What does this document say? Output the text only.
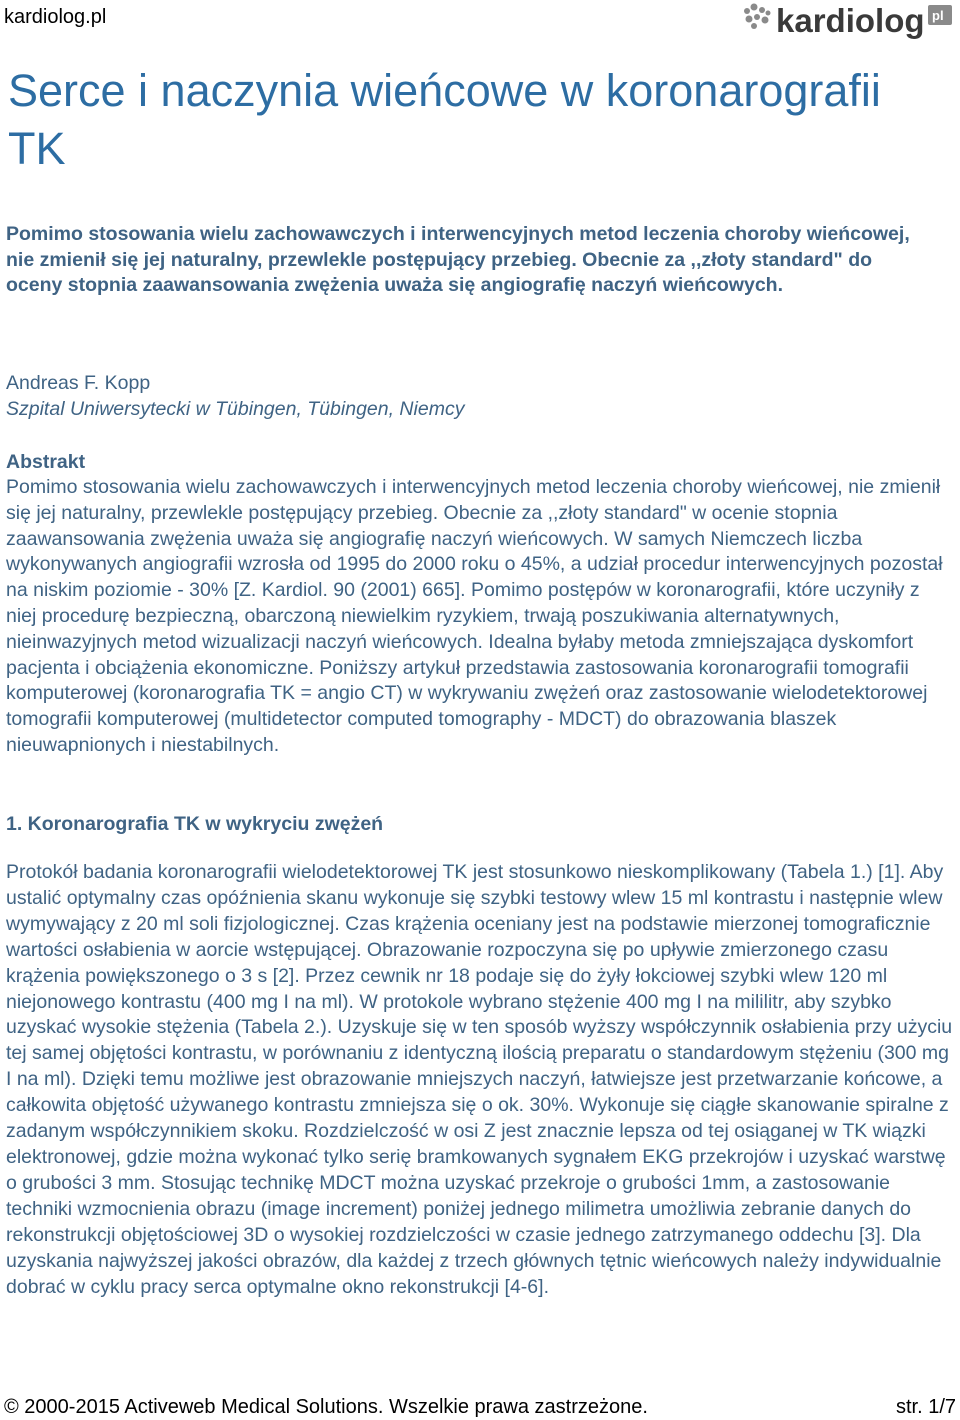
kardiolog.pl	kardiolog pl
Serce i naczynia wieńcowe w koronarografii TK

Pomimo stosowania wielu zachowawczych i interwencyjnych metod leczenia choroby wieńcowej, nie zmienił się jej naturalny, przewlekle postępujący przebieg. Obecnie za ,,złoty standard" do oceny stopnia zaawansowania zwężenia uważa się angiografię naczyń wieńcowych.

Andreas F. Kopp
Szpital Uniwersytecki w Tübingen, Tübingen, Niemcy
Abstrakt

Pomimo stosowania wielu zachowawczych i interwencyjnych metod leczenia choroby wieńcowej, nie zmienił się jej naturalny, przewlekle postępujący przebieg. Obecnie za ,,złoty standard" w ocenie stopnia zaawansowania zwężenia uważa się angiografię naczyń wieńcowych. W samych Niemczech liczba wykonywanych angiografii wzrosła od 1995 do 2000 roku o 45%, a udział procedur interwencyjnych pozostał na niskim poziomie - 30% [Z. Kardiol. 90 (2001) 665]. Pomimo postępów w koronarografii, które uczyniły z niej procedurę bezpieczną, obarczoną niewielkim ryzykiem, trwają poszukiwania alternatywnych, nieinwazyjnych metod wizualizacji naczyń wieńcowych. Idealna byłaby metoda zmniejszająca dyskomfort pacjenta i obciążenia ekonomiczne. Poniższy artykuł przedstawia zastosowania koronarografii tomografii komputerowej (koronarografia TK = angio CT) w wykrywaniu zwężeń oraz zastosowanie wielodetektorowej tomografii komputerowej (multidetector computed tomography - MDCT) do obrazowania blaszek nieuwapnionych i niestabilnych.

1. Koronarografia TK w wykryciu zwężeń

Protokół badania koronarografii wielodetektorowej TK jest stosunkowo nieskomplikowany (Tabela 1.) [1]. Aby ustalić optymalny czas opóźnienia skanu wykonuje się szybki testowy wlew 15 ml kontrastu i następnie wlew wymywający z 20 ml soli fizjologicznej. Czas krążenia oceniany jest na podstawie mierzonej tomograficznie wartości osłabienia w aorcie wstępującej. Obrazowanie rozpoczyna się po upływie zmierzonego czasu krążenia powiększonego o 3 s [2]. Przez cewnik nr 18 podaje się do żyły łokciowej szybki wlew 120 ml niejonowego kontrastu (400 mg I na ml). W protokole wybrano stężenie 400 mg I na mililitr, aby szybko uzyskać wysokie stężenia (Tabela 2.). Uzyskuje się w ten sposób wyższy współczynnik osłabienia przy użyciu tej samej objętości kontrastu, w porównaniu z identyczną ilością preparatu o standardowym stężeniu (300 mg I na ml). Dzięki temu możliwe jest obrazowanie mniejszych naczyń, łatwiejsze jest przetwarzanie końcowe, a całkowita objętość używanego kontrastu zmniejsza się o ok. 30%. Wykonuje się ciągłe skanowanie spiralne z zadanym współczynnikiem skoku. Rozdzielczość w osi Z jest znacznie lepsza od tej osiąganej w TK wiązki elektronowej, gdzie można wykonać tylko serię bramkowanych sygnałem EKG przekrojów i uzyskać warstwę o grubości 3 mm. Stosując technikę MDCT można uzyskać przekroje o grubości 1mm, a zastosowanie techniki wzmocnienia obrazu (image increment) poniżej jednego milimetra umożliwia zebranie danych do rekonstrukcji objętościowej 3D o wysokiej rozdzielczości w czasie jednego zatrzymanego oddechu [3]. Dla uzyskania najwyższej jakości obrazów, dla każdej z trzech głównych tętnic wieńcowych należy indywidualnie dobrać w cyklu pracy serca optymalne okno rekonstrukcji [4-6].

© 2000-2015 Activeweb Medical Solutions. Wszelkie prawa zastrzeżone.	str. 1/7
